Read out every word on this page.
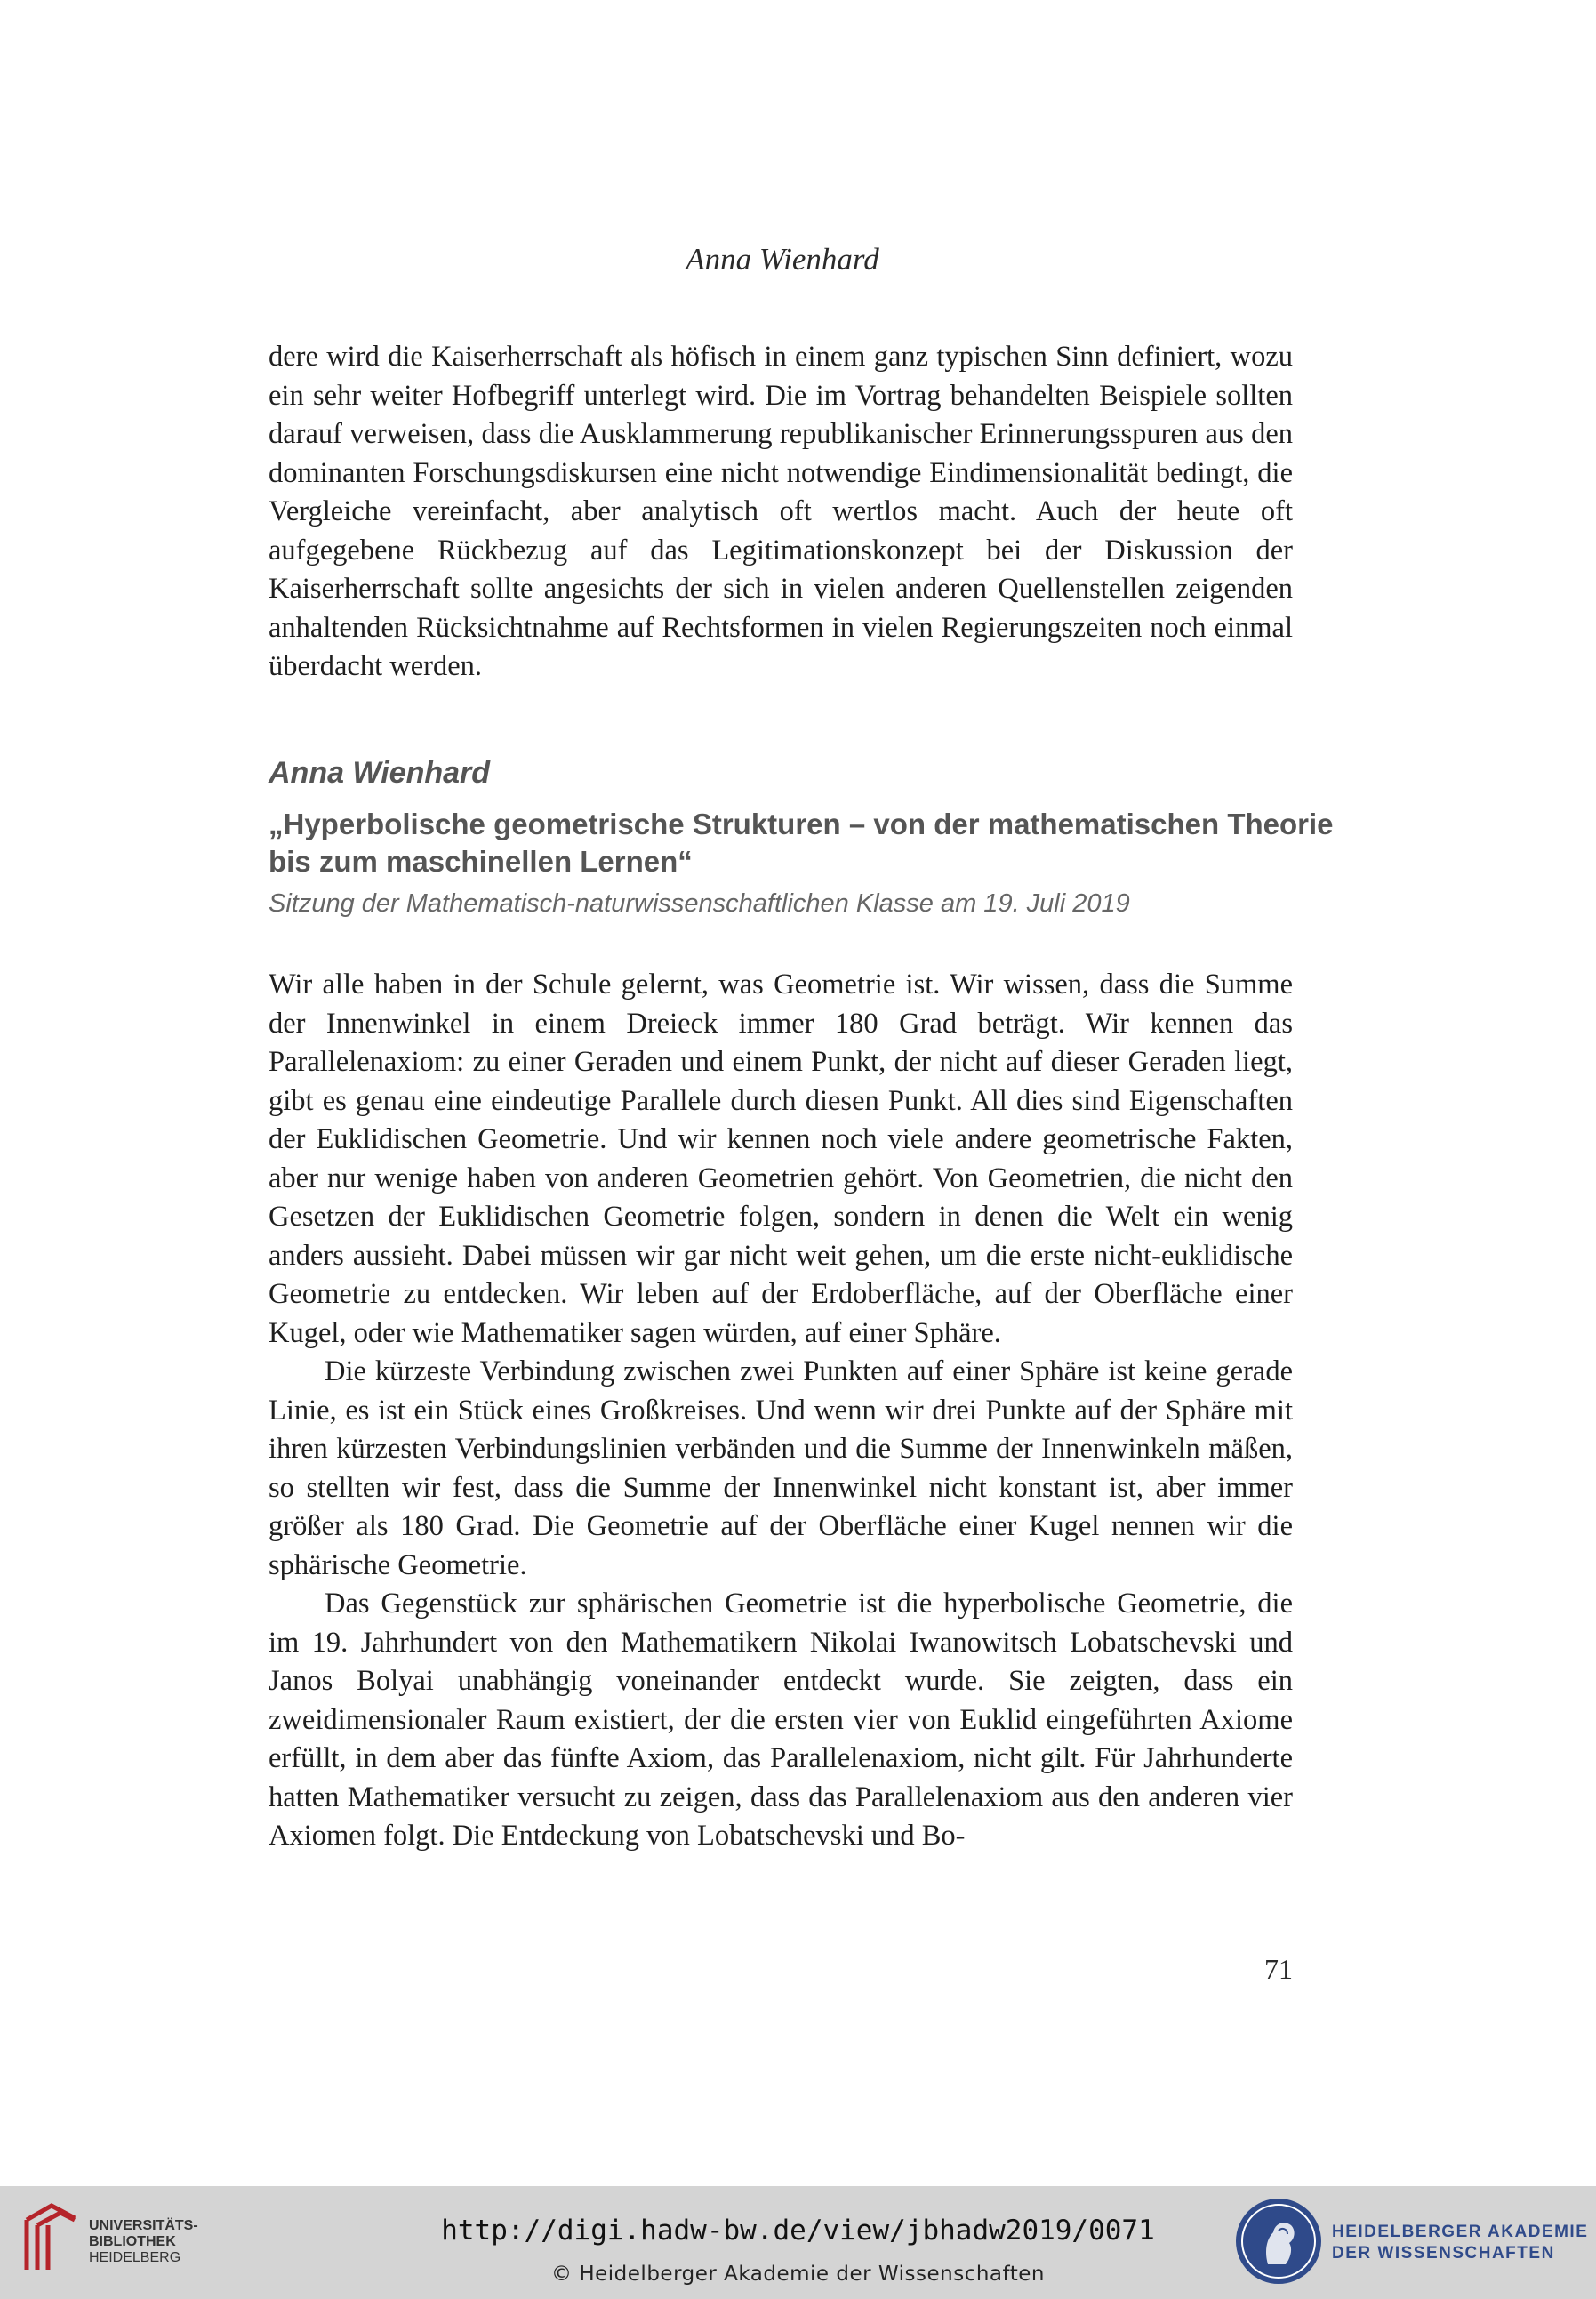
Anna Wienhard

dere wird die Kaiserherrschaft als höfisch in einem ganz typischen Sinn definiert, wozu ein sehr weiter Hofbegriff unterlegt wird. Die im Vortrag behandelten Beispiele sollten darauf verweisen, dass die Ausklammerung republikanischer Erinnerungsspuren aus den dominanten Forschungsdiskursen eine nicht notwendige Eindimensionalität bedingt, die Vergleiche vereinfacht, aber analytisch oft wertlos macht. Auch der heute oft aufgegebene Rückbezug auf das Legitimationskonzept bei der Diskussion der Kaiserherrschaft sollte angesichts der sich in vielen anderen Quellenstellen zeigenden anhaltenden Rücksichtnahme auf Rechtsformen in vielen Regierungszeiten noch einmal überdacht werden.

Anna Wienhard
„Hyperbolische geometrische Strukturen – von der mathematischen Theorie bis zum maschinellen Lernen“
Sitzung der Mathematisch-naturwissenschaftlichen Klasse am 19. Juli 2019

Wir alle haben in der Schule gelernt, was Geometrie ist. Wir wissen, dass die Summe der Innenwinkel in einem Dreieck immer 180 Grad beträgt. Wir kennen das Parallelenaxiom: zu einer Geraden und einem Punkt, der nicht auf dieser Geraden liegt, gibt es genau eine eindeutige Parallele durch diesen Punkt. All dies sind Eigenschaften der Euklidischen Geometrie. Und wir kennen noch viele andere geometrische Fakten, aber nur wenige haben von anderen Geometrien gehört. Von Geometrien, die nicht den Gesetzen der Euklidischen Geometrie folgen, sondern in denen die Welt ein wenig anders aussieht. Dabei müssen wir gar nicht weit gehen, um die erste nicht-euklidische Geometrie zu entdecken. Wir leben auf der Erdoberfläche, auf der Oberfläche einer Kugel, oder wie Mathematiker sagen würden, auf einer Sphäre.

Die kürzeste Verbindung zwischen zwei Punkten auf einer Sphäre ist keine gerade Linie, es ist ein Stück eines Großkreises. Und wenn wir drei Punkte auf der Sphäre mit ihren kürzesten Verbindungslinien verbänden und die Summe der Innenwinkeln mäßen, so stellten wir fest, dass die Summe der Innenwinkel nicht konstant ist, aber immer größer als 180 Grad. Die Geometrie auf der Oberfläche einer Kugel nennen wir die sphärische Geometrie.

Das Gegenstück zur sphärischen Geometrie ist die hyperbolische Geometrie, die im 19. Jahrhundert von den Mathematikern Nikolai Iwanowitsch Lobatschevski und Janos Bolyai unabhängig voneinander entdeckt wurde. Sie zeigten, dass ein zweidimensionaler Raum existiert, der die ersten vier von Euklid eingeführten Axiome erfüllt, in dem aber das fünfte Axiom, das Parallelenaxiom, nicht gilt. Für Jahrhunderte hatten Mathematiker versucht zu zeigen, dass das Parallelenaxiom aus den anderen vier Axiomen folgt. Die Entdeckung von Lobatschevski und Bo-

71
UNIVERSITÄTS-
BIBLIOTHEK
HEIDELBERG
http://digi.hadw-bw.de/view/jbhadw2019/0071
© Heidelberger Akademie der Wissenschaften
HEIDELBERGER AKADEMIE
DER WISSENSCHAFTEN
